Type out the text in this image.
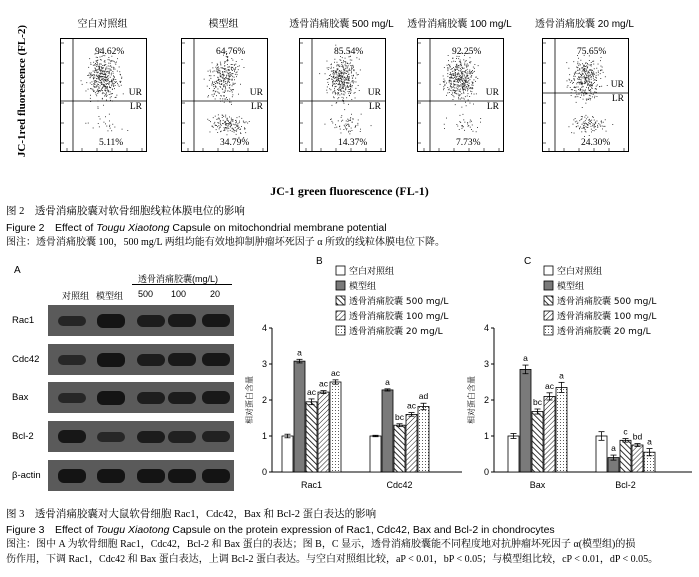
JC-1red fluorescence (FL-2)
空白对照组
94.62%
5.11%
UR
LR
模型组
64.76%
34.79%
UR
LR
透骨消痛胶囊 500 mg/L
85.54%
14.37%
UR
LR
透骨消痛胶囊 100 mg/L
92.25%
7.73%
UR
LR
透骨消痛胶囊 20 mg/L
75.65%
24.30%
UR
LR
JC-1 green fluorescence (FL-1)
图 2　透骨消痛胶囊对软骨细胞线粒体膜电位的影响
Figure 2　Effect of Tougu Xiaotong Capsule on mitochondrial membrane potential
图注：透骨消痛胶囊 100，500 mg/L 两组均能有效地抑制肿瘤坏死因子 α 所致的线粒体膜电位下降。
A
透骨消痛胶囊(mg/L)
对照组 模型组 500 100	20
Rac1
Cdc42
Bax
Bcl-2
β-actin	0
1
2
3
4
相对蛋白含量
Rac1
a
ac
ac
ac
Cdc42
a
bc
ac
ad
B
空白对照组
模型组
透骨消痛胶囊 500 mg/L
透骨消痛胶囊 100 mg/L
透骨消痛胶囊 20 mg/L
0
1
2
3
4
相对蛋白含量
Bax
a
bc
ac
a
Bcl-2
a
c
bd
a
C
空白对照组
模型组
透骨消痛胶囊 500 mg/L
透骨消痛胶囊 100 mg/L
透骨消痛胶囊 20 mg/L
图 3　透骨消痛胶囊对大鼠软骨细胞 Rac1，Cdc42，Bax 和 Bcl-2 蛋白表达的影响
Figure 3　Effect of Tougu Xiaotong Capsule on the protein expression of Rac1, Cdc42, Bax and Bcl-2 in chondrocytes
图注：图中 A 为软骨细胞 Rac1，Cdc42，Bcl-2 和 Bax 蛋白的表达；图 B，C 显示，透骨消痛胶囊能不同程度地对抗肿瘤坏死因子 α(模型组)的损
伤作用，下调 Rac1，Cdc42 和 Bax 蛋白表达，上调 Bcl-2 蛋白表达。与空白对照组比较，aP < 0.01，bP < 0.05；与模型组比较，cP < 0.01，dP < 0.05。
